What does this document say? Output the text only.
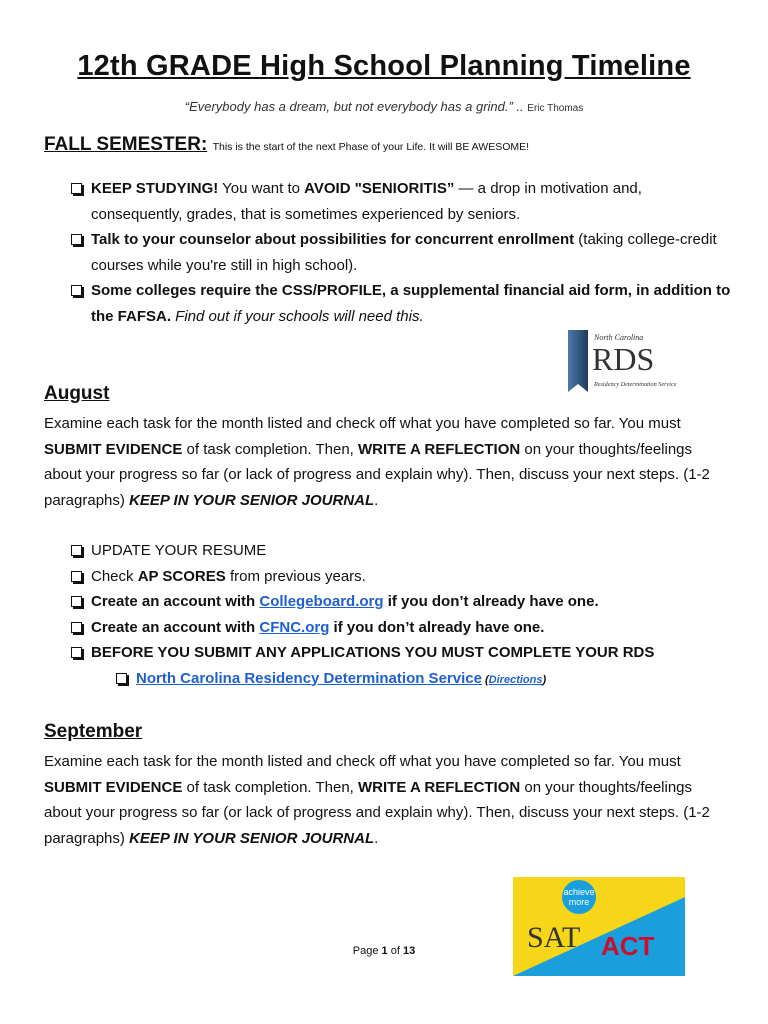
12th GRADE High School Planning Timeline
“Everybody has a dream, but not everybody has a grind.” .. Eric Thomas
FALL SEMESTER: This is the start of the next Phase of your Life. It will BE AWESOME!
KEEP STUDYING! You want to AVOID "SENIORITIS” — a drop in motivation and, consequently, grades, that is sometimes experienced by seniors.
Talk to your counselor about possibilities for concurrent enrollment (taking college-credit courses while you're still in high school).
Some colleges require the CSS/PROFILE, a supplemental financial aid form, in addition to the FAFSA. Find out if your schools will need this.
North Carolina
RDS
Residency Determination Service
August

Examine each task for the month listed and check off what you have completed so far. You must SUBMIT EVIDENCE of task completion. Then, WRITE A REFLECTION on your thoughts/feelings about your progress so far (or lack of progress and explain why). Then, discuss your next steps. (1-2 paragraphs) KEEP IN YOUR SENIOR JOURNAL.

UPDATE YOUR RESUME
Check AP SCORES from previous years.
Create an account with Collegeboard.org if you don’t already have one.
Create an account with CFNC.org if you don’t already have one.
BEFORE YOU SUBMIT ANY APPLICATIONS YOU MUST COMPLETE YOUR RDS
North Carolina Residency Determination Service (Directions)
September

Examine each task for the month listed and check off what you have completed so far. You must SUBMIT EVIDENCE of task completion. Then, WRITE A REFLECTION on your thoughts/feelings about your progress so far (or lack of progress and explain why). Then, discuss your next steps. (1-2 paragraphs) KEEP IN YOUR SENIOR JOURNAL.

achieve
more
SAT ACT
Page 1 of 13
